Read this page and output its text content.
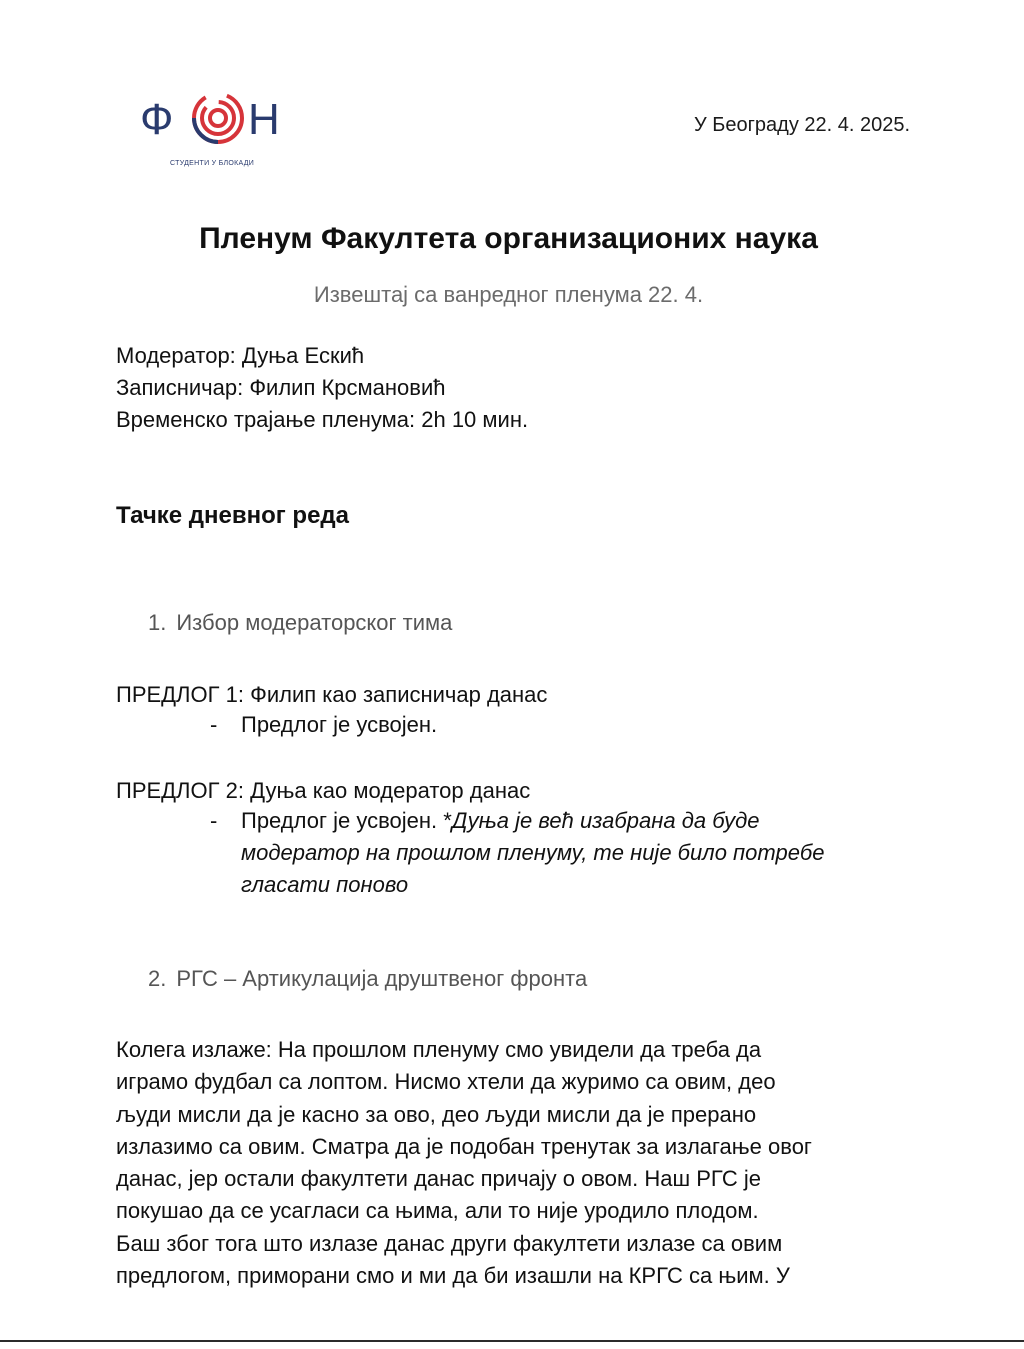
Ф Н
СТУДЕНТИ У БЛОКАДИ
У Београду 22. 4. 2025.
Пленум Факултета организационих наука
Извештај са ванредног пленума 22. 4.
Модератор: Дуња Ескић
Записничар: Филип Крсмановић
Временско трајање пленума: 2h 10 мин.
Тачке дневног реда
1. Избор модераторског тима
ПРЕДЛОГ 1: Филип као записничар данас
- Предлог је усвојен.
ПРЕДЛОГ 2: Дуња као модератор данас
- Предлог је усвојен. *Дуња је већ изабрана да буде
модератор на прошлом пленуму, те није било потребе
гласати поново
2. РГС – Артикулација друштвеног фронта
Колега излаже: На прошлом пленуму смо увидели да треба да
играмо фудбал са лоптом. Нисмо хтели да журимо са овим, део
људи мисли да је касно за ово, део људи мисли да је прерано
излазимо са овим. Сматра да је подобан тренутак за излагање овог
данас, јер остали факултети данас причају о овом. Наш РГС је
покушао да се усагласи са њима, али то није уродило плодом.
Баш због тога што излазе данас други факултети излазе са овим
предлогом, приморани смо и ми да би изашли на КРГС са њим. У
